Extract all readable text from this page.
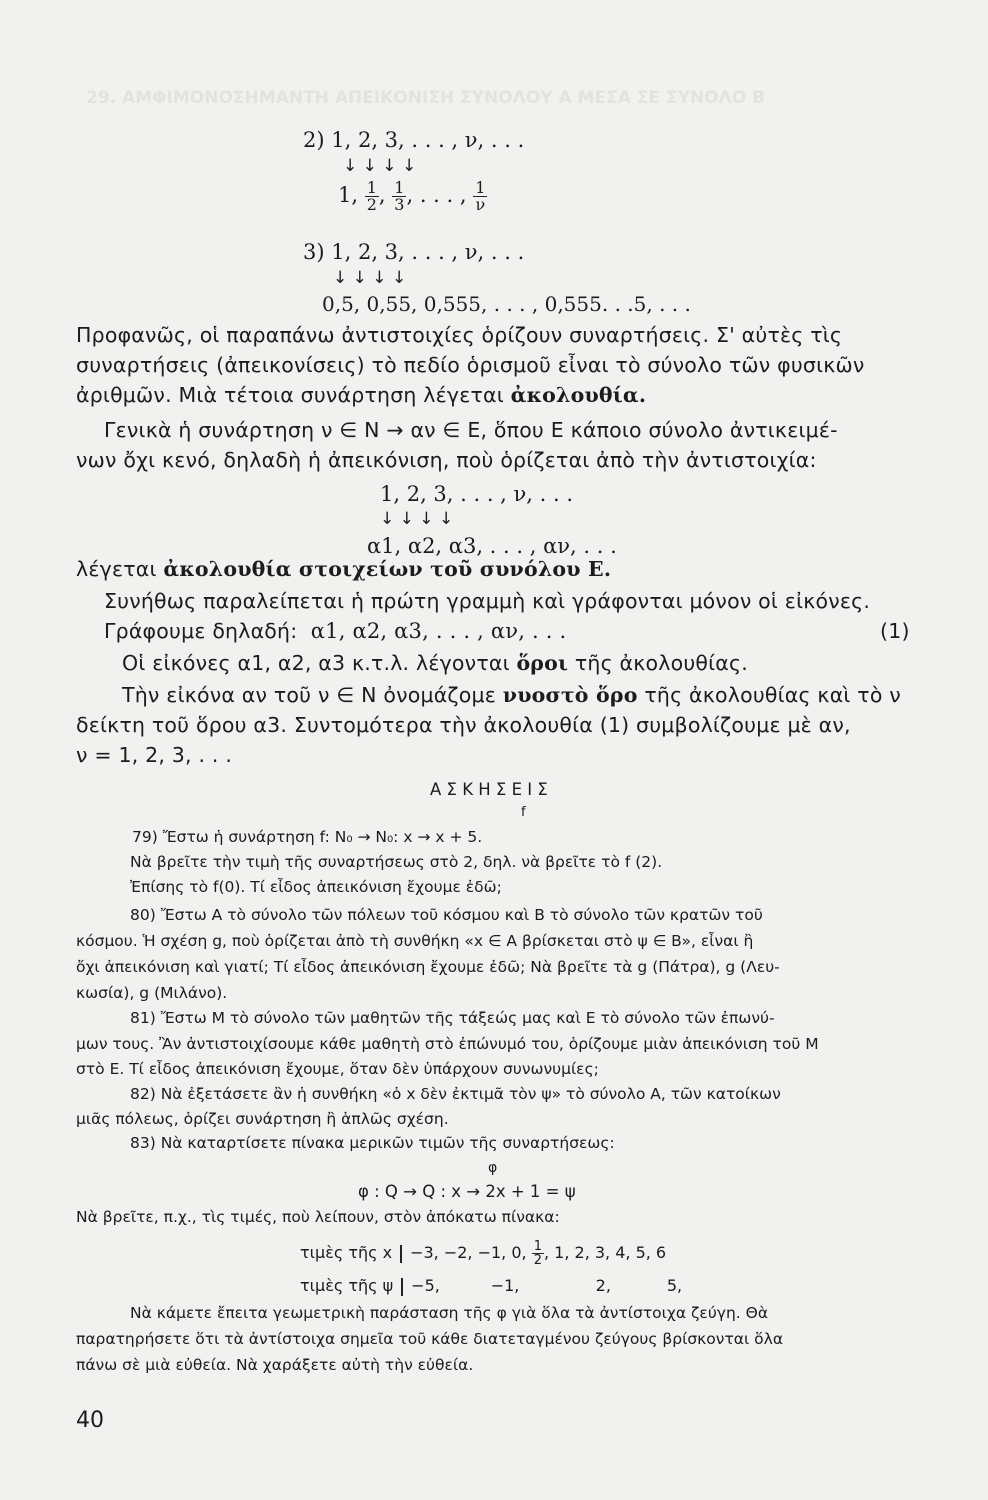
29. ΑΜΦΙΜΟΝΟΣΗΜΑΝΤΗ ΑΠΕΙΚΟΝΙΣΗ ΣΥΝΟΛΟΥ Α ΜΕΣΑ ΣΕ ΣΥΝΟΛΟ Β
2) 1, 2, 3, . . . , ν, . . .
↓ ↓ ↓ ↓
1, $\frac{1}{2}$ , $\frac{1}{3}$ , . . . , $\frac{1}{\nu}$
3) 1, 2, 3, . . . , ν, . . .
↓ ↓ ↓ ↓
0,5, 0,55, 0,555, . . . , 0,555. . .5, . . .
Προφανῶς, οἱ παραπάνω ἀντιστοιχίες ὁρίζουν συναρτήσεις. Σ' αὐτὲς τὶς
συναρτήσεις (ἀπεικονίσεις) τὸ πεδίο ὁρισμοῦ εἶναι τὸ σύνολο τῶν φυσικῶν
ἀριθμῶν. Μιὰ τέτοια συνάρτηση λέγεται ἀκολουθία.
Γενικὰ ἡ συνάρτηση ν ∈ Ν → αν ∈ Ε, ὅπου Ε κάποιο σύνολο ἀντικειμέ-
νων ὄχι κενό, δηλαδὴ ἡ ἀπεικόνιση, ποὺ ὁρίζεται ἀπὸ τὴν ἀντιστοιχία:
1, 2, 3, . . . , ν, . . .
↓ ↓ ↓ ↓
α1, α2, α3, . . . , αν, . . .
λέγεται ἀκολουθία στοιχείων τοῦ συνόλου Ε.
Συνήθως παραλείπεται ἡ πρώτη γραμμὴ καὶ γράφονται μόνον οἱ εἰκόνες.
Γράφουμε δηλαδή: α1, α2, α3, . . . , αν, . . .	(1)
Οἱ εἰκόνες α1, α2, α3 κ.τ.λ. λέγονται ὅροι τῆς ἀκολουθίας.
Τὴν εἰκόνα αν τοῦ ν ∈ Ν ὀνομάζομε νυοστὸ ὅρο τῆς ἀκολουθίας καὶ τὸ ν
δείκτη τοῦ ὅρου α3. Συντομότερα τὴν ἀκολουθία (1) συμβολίζουμε μὲ αν,
ν = 1, 2, 3, . . .
Α Σ Κ Η Σ Ε Ι Σ
f
79) Ἔστω ἡ συνάρτηση f: N₀ → N₀: x → x + 5.
Νὰ βρεῖτε τὴν τιμὴ τῆς συναρτήσεως στὸ 2, δηλ. νὰ βρεῖτε τὸ f (2).
Ἐπίσης τὸ f(0). Τί εἶδος ἀπεικόνιση ἔχουμε ἐδῶ;
80) Ἔστω Α τὸ σύνολο τῶν πόλεων τοῦ κόσμου καὶ Β τὸ σύνολο τῶν κρατῶν τοῦ
κόσμου. Ἡ σχέση g, ποὺ ὁρίζεται ἀπὸ τὴ συνθήκη «x ∈ A βρίσκεται στὸ ψ ∈ B», εἶναι ἢ
ὄχι ἀπεικόνιση καὶ γιατί; Τί εἶδος ἀπεικόνιση ἔχουμε ἐδῶ; Νὰ βρεῖτε τὰ g (Πάτρα), g (Λευ-
κωσία), g (Μιλάνο).
81) Ἔστω Μ τὸ σύνολο τῶν μαθητῶν τῆς τάξεώς μας καὶ Ε τὸ σύνολο τῶν ἐπωνύ-
μων τους. Ἂν ἀντιστοιχίσουμε κάθε μαθητὴ στὸ ἐπώνυμό του, ὁρίζουμε μιὰν ἀπεικόνιση τοῦ Μ
στὸ Ε. Τί εἶδος ἀπεικόνιση ἔχουμε, ὅταν δὲν ὑπάρχουν συνωνυμίες;
82) Νὰ ἐξετάσετε ἂν ἡ συνθήκη «ὁ x δὲν ἐκτιμᾶ τὸν ψ» τὸ σύνολο Α, τῶν κατοίκων
μιᾶς πόλεως, ὁρίζει συνάρτηση ἢ ἁπλῶς σχέση.
83) Νὰ καταρτίσετε πίνακα μερικῶν τιμῶν τῆς συναρτήσεως:
φ
φ : Q → Q : x → 2x + 1 = ψ
Νὰ βρεῖτε, π.χ., τὶς τιμές, ποὺ λείπουν, στὸν ἀπόκατω πίνακα:
τιμὲς τῆς x −3, −2, −1, 0, $\frac{1}{2}$ , 1, 2, 3, 4, 5, 6
τιμὲς τῆς ψ −5,          −1,               2,           5,
Νὰ κάμετε ἔπειτα γεωμετρικὴ παράσταση τῆς φ γιὰ ὅλα τὰ ἀντίστοιχα ζεύγη. Θὰ
παρατηρήσετε ὅτι τὰ ἀντίστοιχα σημεῖα τοῦ κάθε διατεταγμένου ζεύγους βρίσκονται ὅλα
πάνω σὲ μιὰ εὐθεία. Νὰ χαράξετε αὐτὴ τὴν εὐθεία.
40
